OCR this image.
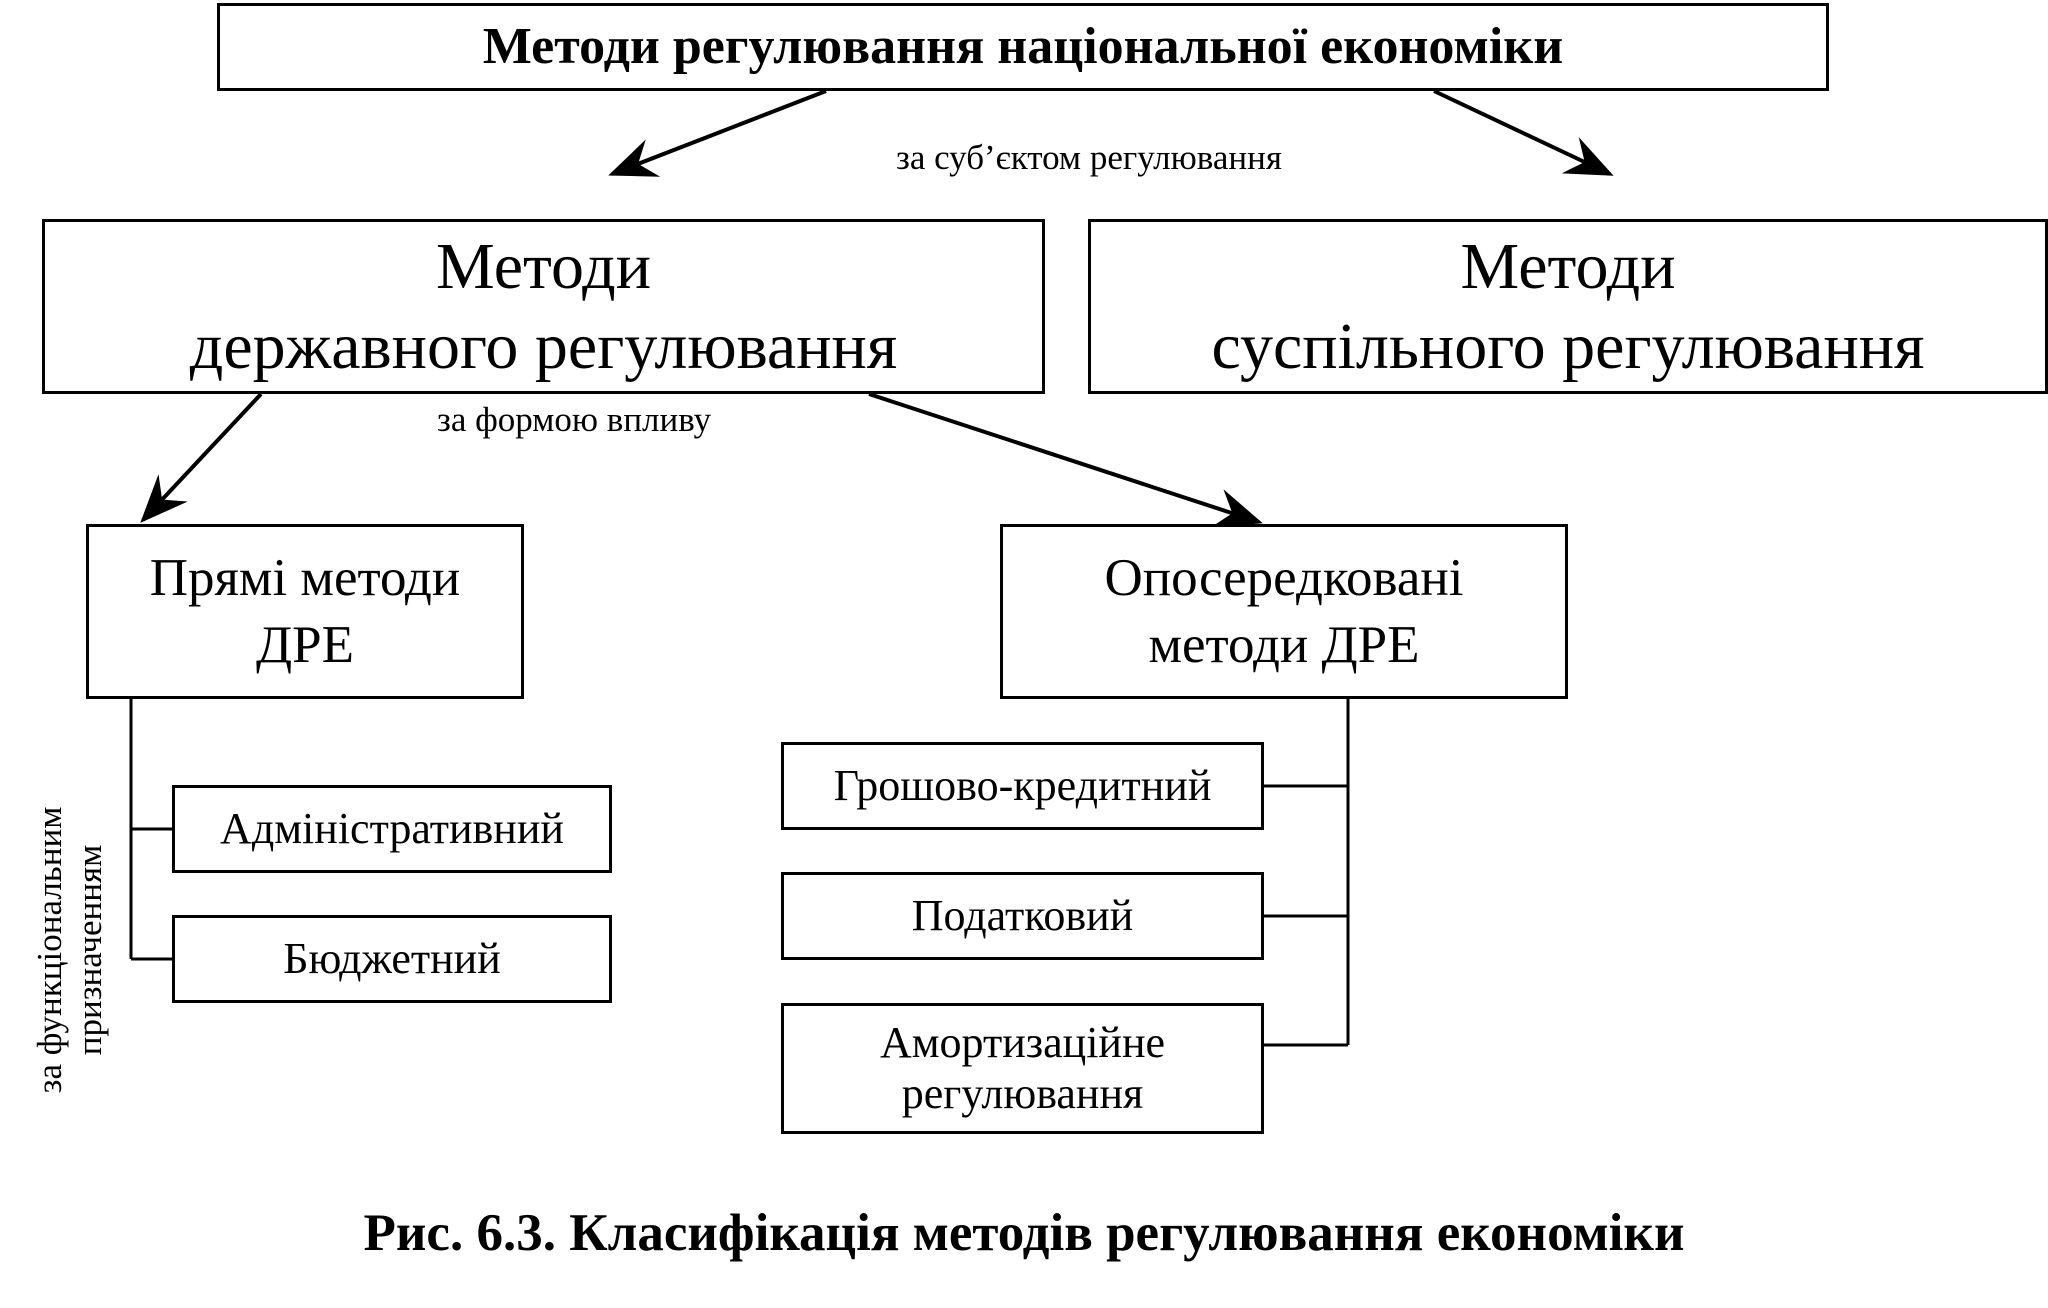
Методи регулювання національної економіки
за суб’єктом регулювання
Методи
державного регулювання
Методи
суспільного регулювання
за формою впливу
Прямі методи
ДРЕ
Опосередковані
методи ДРЕ
за функціональним призначенням
Адміністративний
Бюджетний
Грошово-кредитний
Податковий
Амортизаційне
регулювання
Рис. 6.3. Класифікація методів регулювання економіки
